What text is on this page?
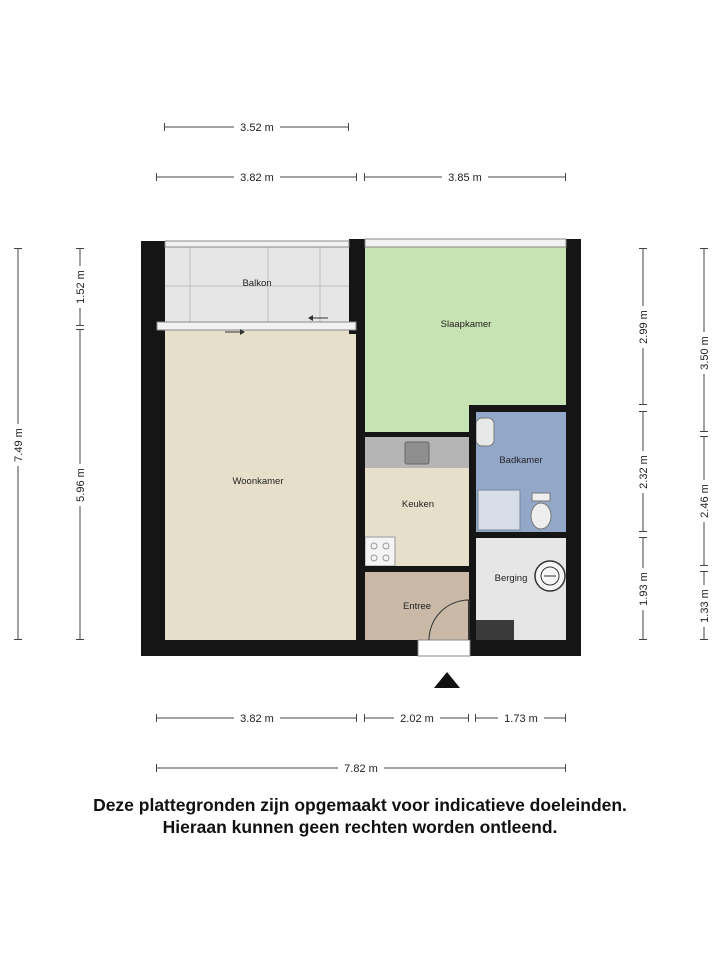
Balkon
Slaapkamer
Woonkamer
Badkamer
Keuken
Berging
Entree
3.52 m
3.82 m	3.85 m
7.49 m
1.52 m
5.96 m
2.99 m
2.32 m
1.93 m
3.50 m
2.46 m
1.33 m
3.82 m	2.02 m	1.73 m
7.82 m
Deze plattegronden zijn opgemaakt voor indicatieve doeleinden.
Hieraan kunnen geen rechten worden ontleend.
